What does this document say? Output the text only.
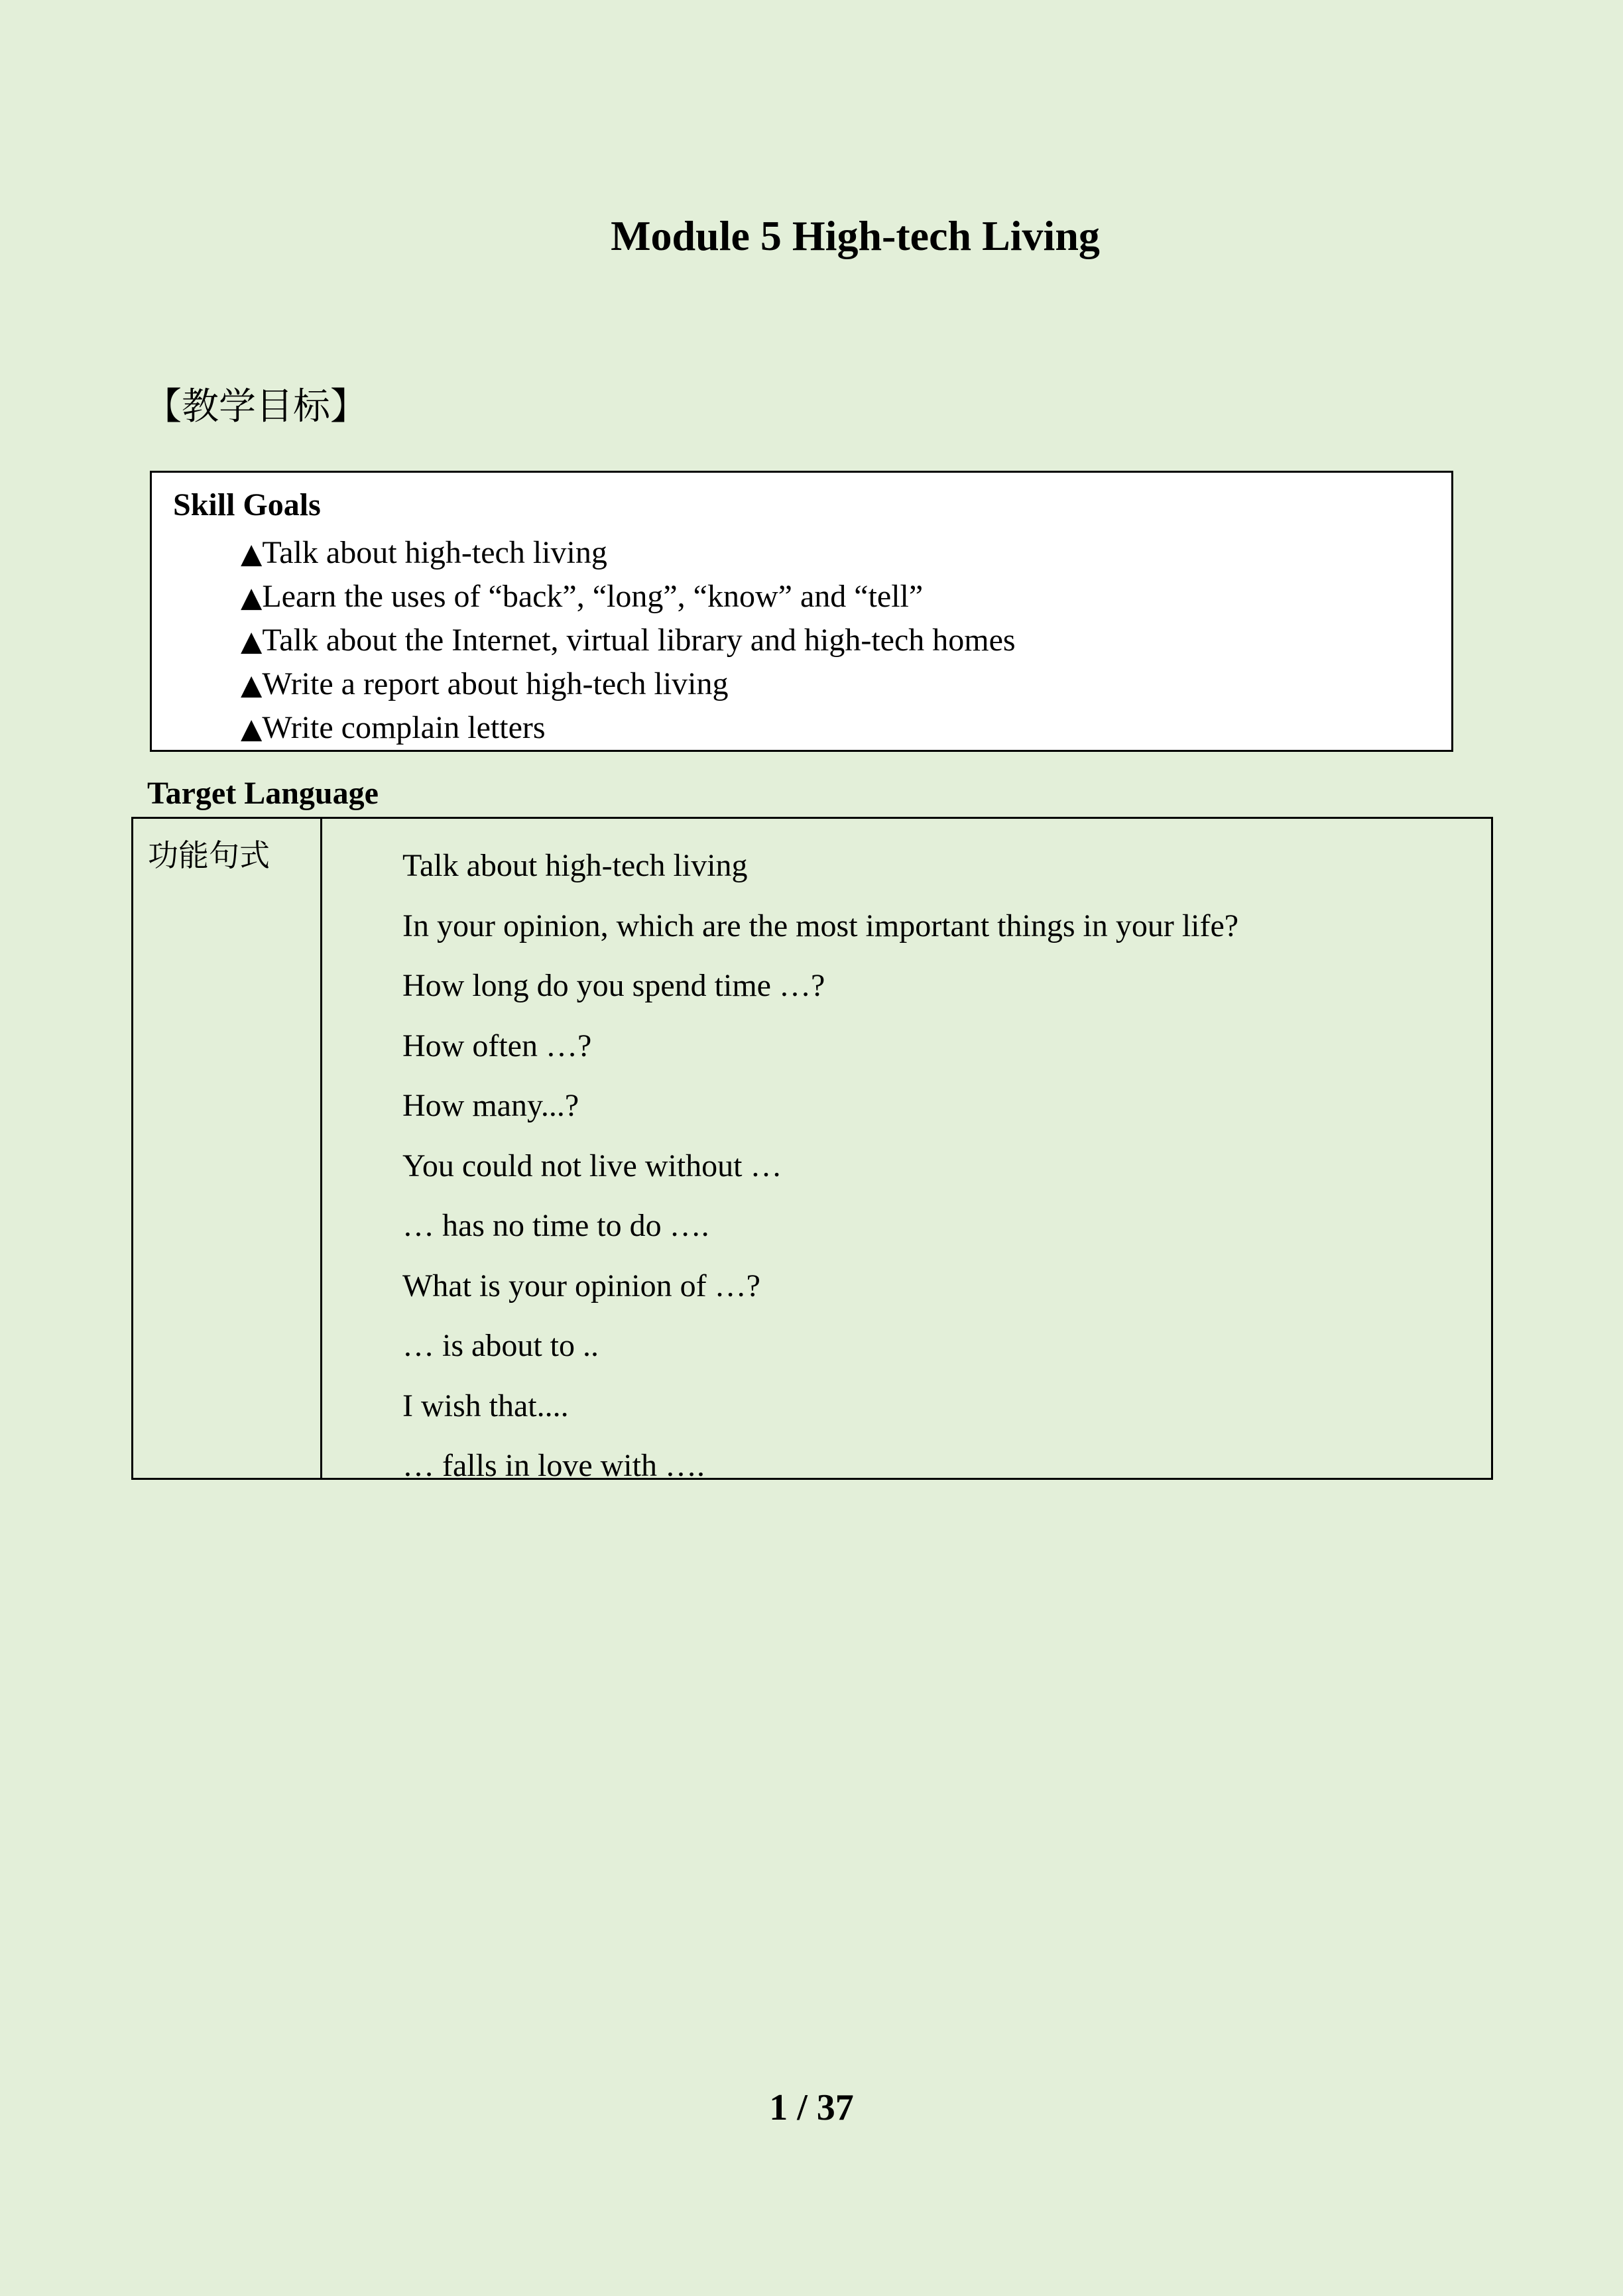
Module 5 High-tech Living
【教学目标】
Skill Goals
▲Talk about high-tech living
▲Learn the uses of “back”, “long”, “know” and “tell”
▲Talk about the Internet, virtual library and high-tech homes
▲Write a report about high-tech living
▲Write complain letters
Target Language
功能句式	Talk about high-tech living
In your opinion, which are the most important things in your life?
How long do you spend time …?
How often …?
How many...?
You could not live without …
… has no time to do ….
What is your opinion of …?
… is about to ..
I wish that....
… falls in love with ….
1 / 37
